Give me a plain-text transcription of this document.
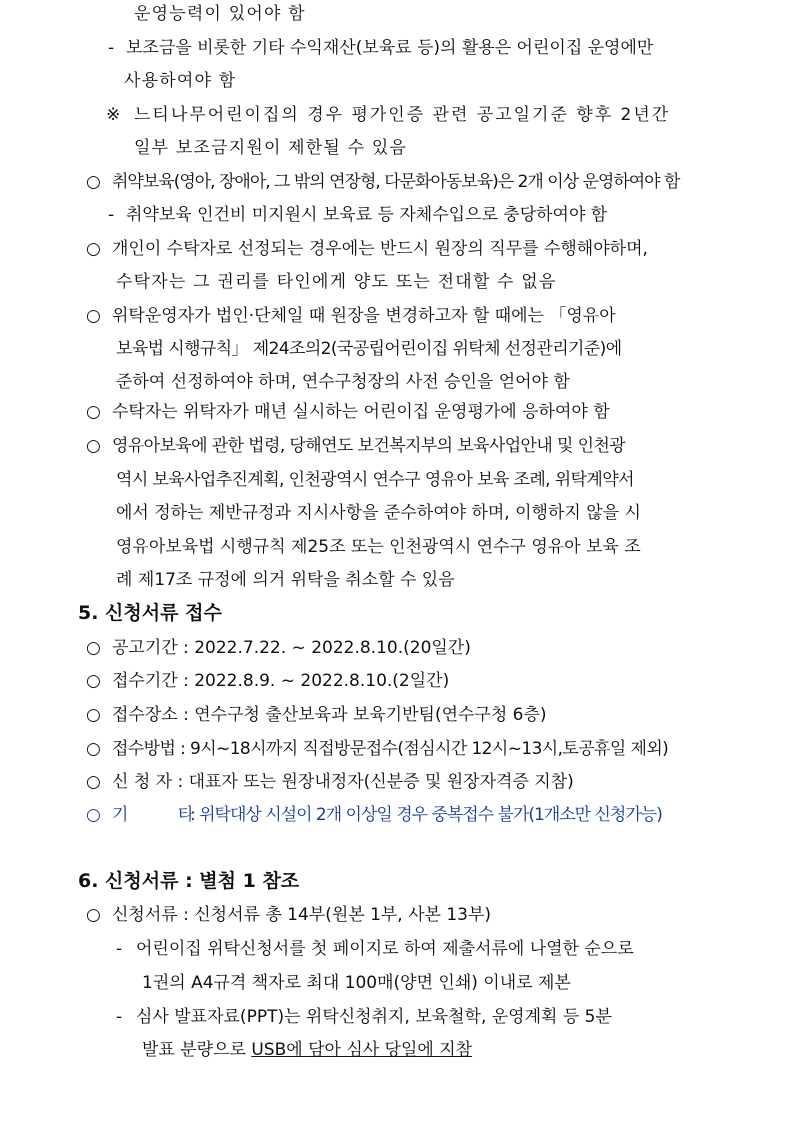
운영능력이 있어야 함
- 보조금을 비롯한 기타 수익재산(보육료 등)의 활용은 어린이집 운영에만
사용하여야 함
※ 느티나무어린이집의 경우 평가인증 관련 공고일기준 향후 2년간
일부 보조금지원이 제한될 수 있음
○ 취약보육(영아, 장애아, 그 밖의 연장형, 다문화아동보육)은 2개 이상 운영하여야 함
- 취약보육 인건비 미지원시 보육료 등 자체수입으로 충당하여야 함
○ 개인이 수탁자로 선정되는 경우에는 반드시 원장의 직무를 수행해야하며,
수탁자는 그 권리를 타인에게 양도 또는 전대할 수 없음
○ 위탁운영자가 법인·단체일 때 원장을 변경하고자 할 때에는 「영유아
보육법 시행규칙」 제24조의2(국공립어린이집 위탁체 선정관리기준)에
준하여 선정하여야 하며, 연수구청장의 사전 승인을 얻어야 함
○ 수탁자는 위탁자가 매년 실시하는 어린이집 운영평가에 응하여야 함
○ 영유아보육에 관한 법령, 당해연도 보건복지부의 보육사업안내 및 인천광
역시 보육사업추진계획, 인천광역시 연수구 영유아 보육 조례, 위탁계약서
에서 정하는 제반규정과 지시사항을 준수하여야 하며, 이행하지 않을 시
영유아보육법 시행규칙 제25조 또는 인천광역시 연수구 영유아 보육 조
례 제17조 규정에 의거 위탁을 취소할 수 있음
5. 신청서류 접수
○ 공고기간 : 2022.7.22. ~ 2022.8.10.(20일간)
○ 접수기간 : 2022.8.9. ~ 2022.8.10.(2일간)
○ 접수장소 : 연수구청 출산보육과 보육기반팀(연수구청 6층)
○ 접수방법 : 9시~18시까지 직접방문접수(점심시간 12시~13시,토공휴일 제외)
○ 신 청 자 : 대표자 또는 원장내정자(신분증 및 원장자격증 지참)
○ 기 타
: 위탁대상 시설이 2개 이상일 경우 중복접수 불가(1개소만 신청가능)
6. 신청서류 : 별첨 1 참조
○ 신청서류 : 신청서류 총 14부(원본 1부, 사본 13부)
- 어린이집 위탁신청서를 첫 페이지로 하여 제출서류에 나열한 순으로
1권의 A4규격 책자로 최대 100매(양면 인쇄) 이내로 제본
- 심사 발표자료(PPT)는 위탁신청취지, 보육철학, 운영계획 등 5분
발표 분량으로 USB에 담아 심사 당일에 지참
